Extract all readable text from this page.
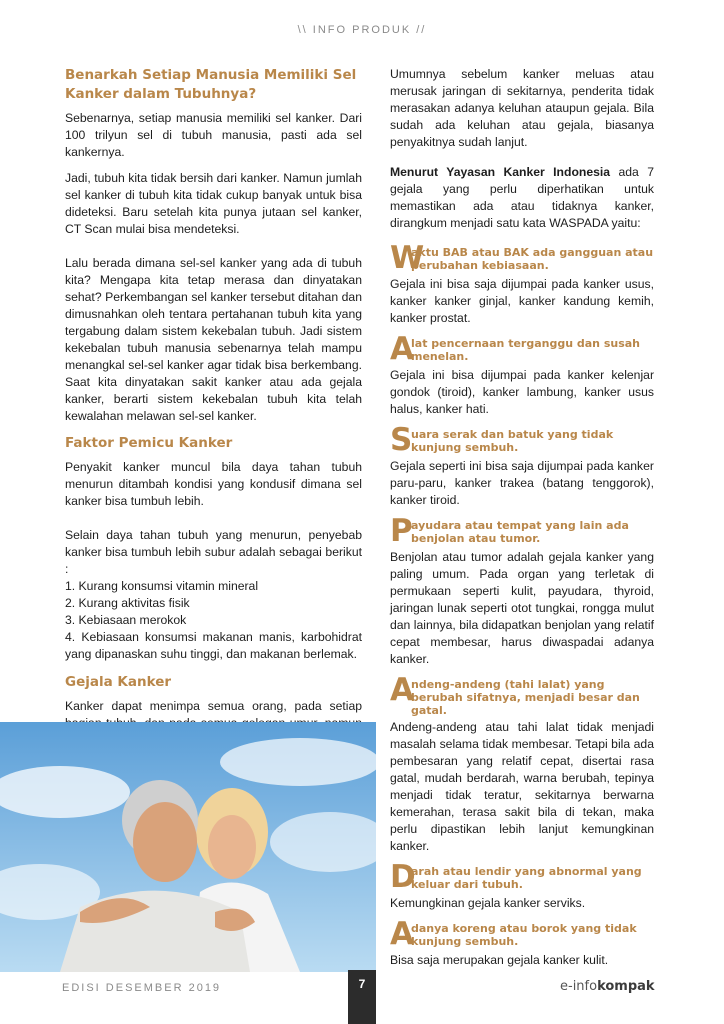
\\ INFO PRODUK //
Benarkah Setiap Manusia Memiliki Sel Kanker dalam Tubuhnya?

Sebenarnya, setiap manusia memiliki sel kanker. Dari 100 trilyun sel di tubuh manusia, pasti ada sel kankernya.

Jadi, tubuh kita tidak bersih dari kanker. Namun jumlah sel kanker di tubuh kita tidak cukup banyak untuk bisa dideteksi. Baru setelah kita punya jutaan sel kanker, CT Scan mulai bisa mendeteksi.

Lalu berada dimana sel-sel kanker yang ada di tubuh kita? Mengapa kita tetap merasa dan dinyatakan sehat? Perkembangan sel kanker tersebut ditahan dan dimusnahkan oleh tentara pertahanan tubuh kita yang tergabung dalam sistem kekebalan tubuh. Jadi sistem kekebalan tubuh manusia sebenarnya telah mampu menangkal sel-sel kanker agar tidak bisa berkembang. Saat kita dinyatakan sakit kanker atau ada gejala kanker, berarti sistem kekebalan tubuh kita telah kewalahan melawan sel-sel kanker.

Faktor Pemicu Kanker

Penyakit kanker muncul bila daya tahan tubuh menurun ditambah kondisi yang kondusif dimana sel kanker bisa tumbuh lebih.

Selain daya tahan tubuh yang menurun, penyebab kanker bisa tumbuh lebih subur adalah sebagai berikut :

1. Kurang konsumsi vitamin mineral

2. Kurang aktivitas fisik

3. Kebiasaan merokok

4. Kebiasaan konsumsi makanan manis, karbohidrat yang dipanaskan suhu tinggi, dan makanan berlemak.

Gejala Kanker

Kanker dapat menimpa semua orang, pada setiap

Umumnya sebelum kanker meluas atau merusak jaringan di sekitarnya, penderita tidak merasakan adanya keluhan ataupun gejala. Bila sudah ada keluhan atau gejala, biasanya penyakitnya sudah lanjut.

Menurut Yayasan Kanker Indonesia ada 7 gejala yang perlu diperhatikan untuk memastikan ada atau tidaknya kanker, dirangkum menjadi satu kata WASPADA yaitu:

W
aktu BAB atau BAK ada gangguan atau perubahan kebiasaan.

Gejala ini bisa saja dijumpai pada kanker usus, kanker kanker ginjal, kanker kandung kemih, kanker prostat.

A
lat pencernaan terganggu dan susah menelan.

Gejala ini bisa dijumpai pada kanker kelenjar gondok (tiroid), kanker lambung, kanker usus halus, kanker hati.

S
uara serak dan batuk yang tidak kunjung sembuh.

Gejala seperti ini bisa saja dijumpai pada kanker paru-paru, kanker trakea (batang tenggorok), kanker tiroid.

P
ayudara atau tempat yang lain ada benjolan atau tumor.

Benjolan atau tumor adalah gejala kanker yang paling umum. Pada organ yang terletak di permukaan seperti kulit, payudara, thyroid, jaringan lunak seperti otot tungkai, rongga mulut dan lainnya, bila didapatkan benjolan yang relatif cepat membesar, harus diwaspadai adanya kanker.

A
ndeng-andeng (tahi lalat) yang berubah sifatnya, menjadi besar dan gatal.

Andeng-andeng atau tahi lalat tidak menjadi masalah selama tidak membesar. Tetapi bila ada pembesaran yang relatif cepat, disertai rasa gatal, mudah berdarah, warna berubah, tepinya menjadi tidak teratur, sekitarnya berwarna kemerahan, terasa sakit bila di tekan, maka perlu dipastikan lebih lanjut kemungkinan kanker.

D
arah atau lendir yang abnormal yang keluar dari tubuh.

Kemungkinan gejala kanker serviks.

A
danya koreng atau borok yang tidak kunjung sembuh.

Bisa saja merupakan gejala kanker kulit.

EDISI DESEMBER 2019	7	e-infokompak
